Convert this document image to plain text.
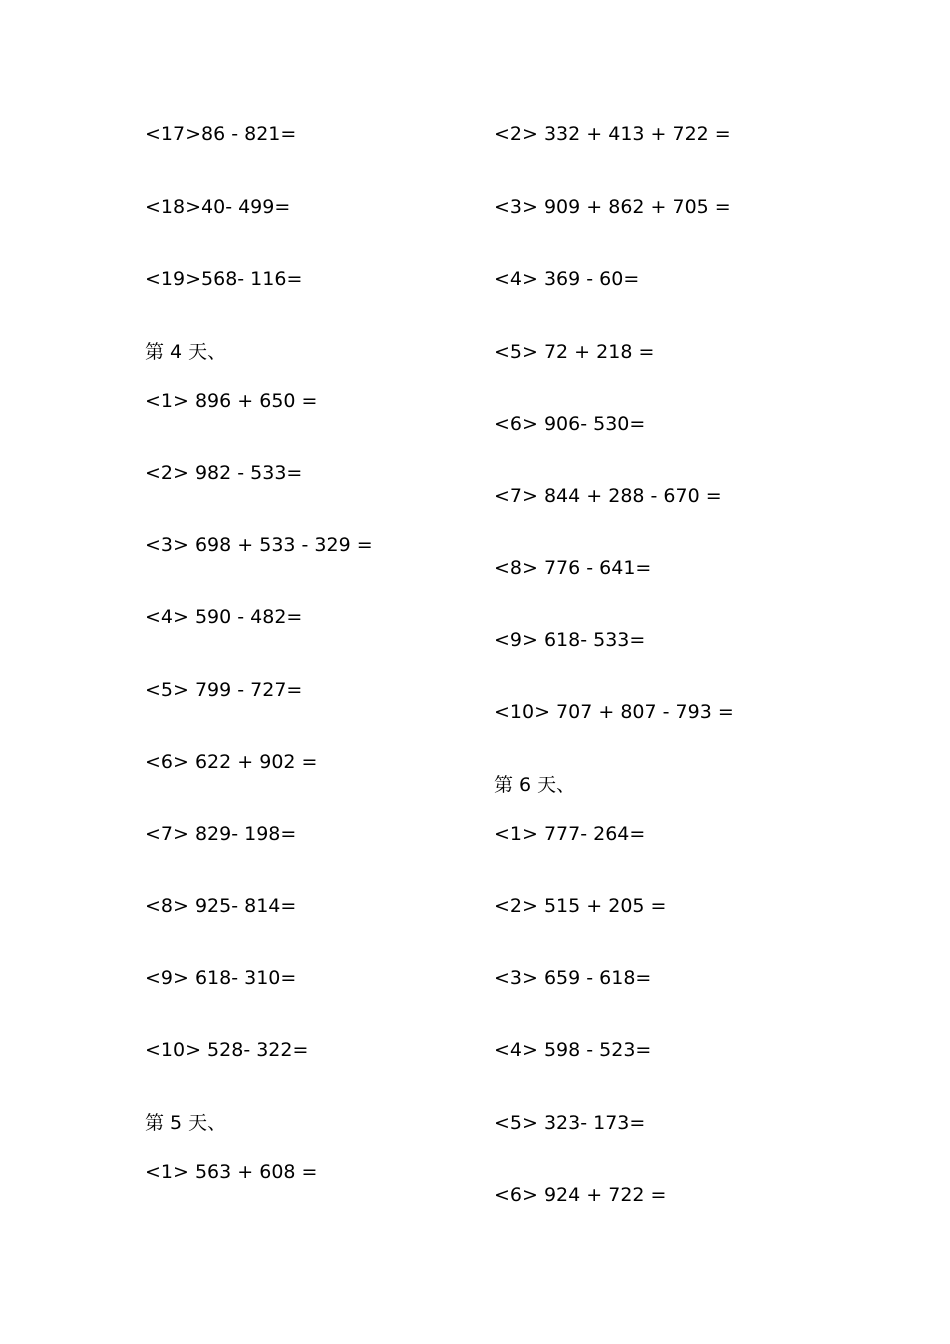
<17>86 - 821=
<18>40- 499=
<19>568- 116=
第 4 天、
<1> 896 + 650 =
<2> 982 - 533=
<3> 698 + 533 - 329 =
<4> 590 - 482=
<5> 799 - 727=
<6> 622 + 902 =
<7> 829- 198=
<8> 925- 814=
<9> 618- 310=
<10> 528- 322=
第 5 天、
<1> 563 + 608 =
<2> 332 + 413 + 722 =
<3> 909 + 862 + 705 =
<4> 369 - 60=
<5> 72 + 218 =
<6> 906- 530=
<7> 844 + 288 - 670 =
<8> 776 - 641=
<9> 618- 533=
<10> 707 + 807 - 793 =
第 6 天、
<1> 777- 264=
<2> 515 + 205 =
<3> 659 - 618=
<4> 598 - 523=
<5> 323- 173=
<6> 924 + 722 =
